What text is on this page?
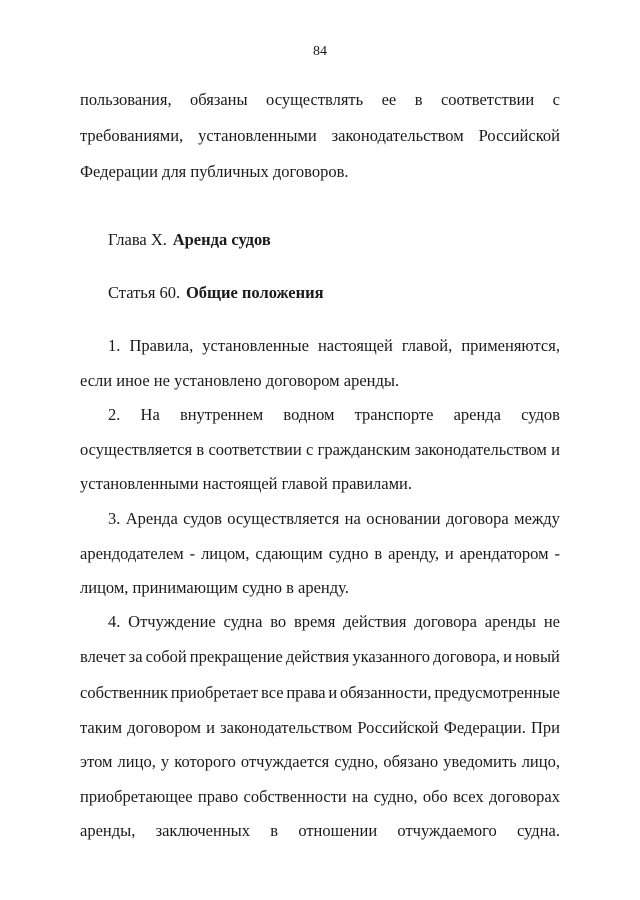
84
пользования, обязаны осуществлять ее в соответствии с
требованиями, установленными законодательством Российской
Федерации для публичных договоров.
Глава X. Аренда судов
Статья 60. Общие положения
1. Правила, установленные настоящей главой, применяются,
если иное не установлено договором аренды.
2. На внутреннем водном транспорте аренда судов
осуществляется в соответствии с гражданским законодательством и
установленными настоящей главой правилами.
3. Аренда судов осуществляется на основании договора между
арендодателем - лицом, сдающим судно в аренду, и арендатором -
лицом, принимающим судно в аренду.
4. Отчуждение судна во время действия договора аренды не
влечет за собой прекращение действия указанного договора, и новый
собственник приобретает все права и обязанности, предусмотренные
таким договором и законодательством Российской Федерации. При
этом лицо, у которого отчуждается судно, обязано уведомить лицо,
приобретающее право собственности на судно, обо всех договорах
аренды, заключенных в отношении отчуждаемого судна.
